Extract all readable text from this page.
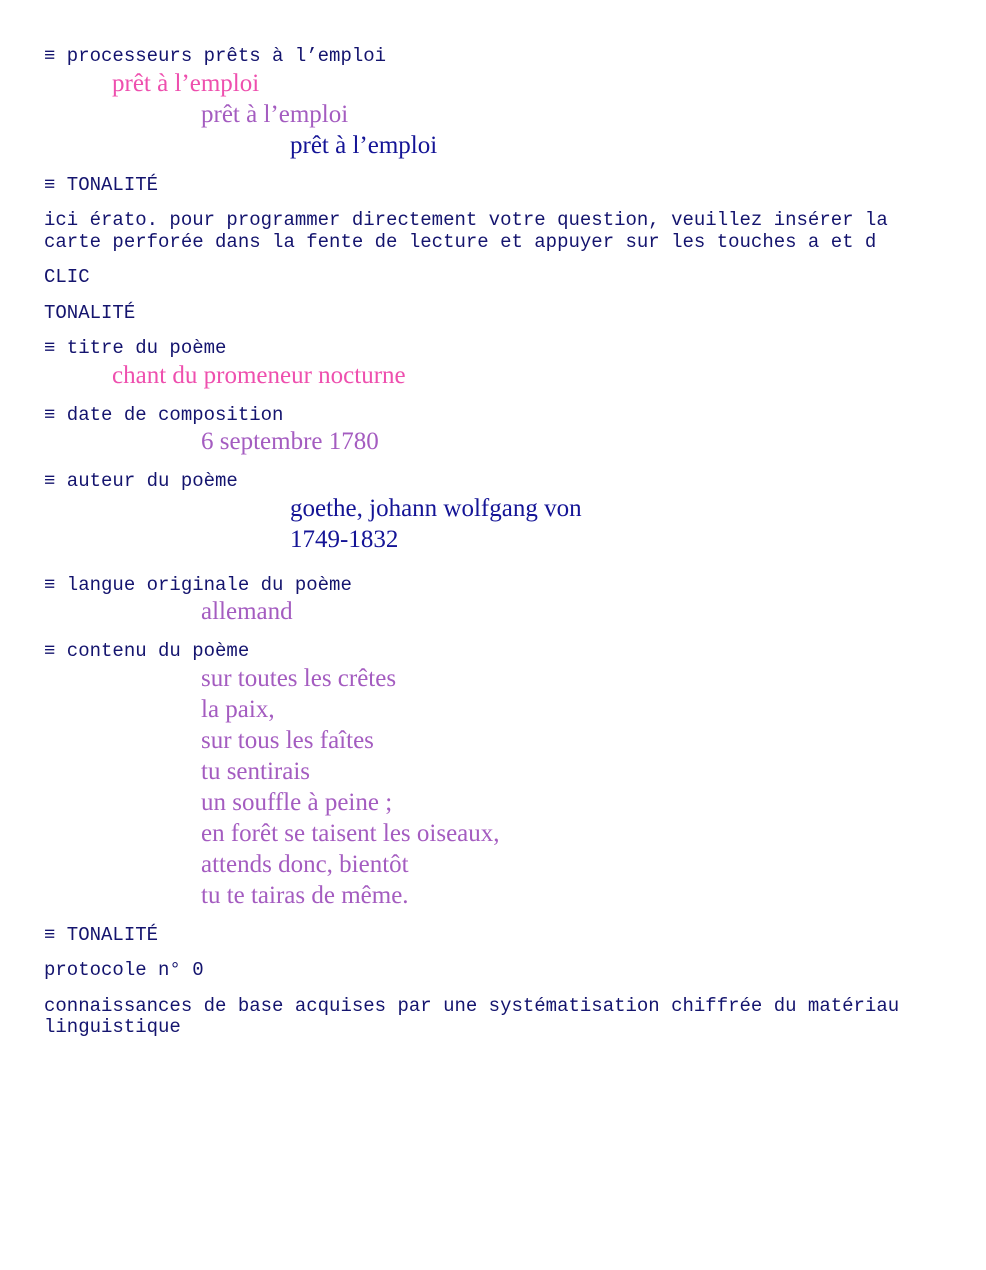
≡ processeurs prêts à l’emploi
prêt à l’emploi
prêt à l’emploi
prêt à l’emploi
≡ TONALITÉ
ici érato. pour programmer directement votre question, veuillez insérer la carte perforée dans la fente de lecture et appuyer sur les touches a et d
CLIC
TONALITÉ
≡ titre du poème
chant du promeneur nocturne
≡ date de composition
6 septembre 1780
≡ auteur du poème
goethe, johann wolfgang von
1749-1832
≡ langue originale du poème
allemand
≡ contenu du poème
sur toutes les crêtes
la paix,
sur tous les faîtes
tu sentirais
un souffle à peine ;
en forêt se taisent les oiseaux,
attends donc, bientôt
tu te tairas de même.
≡ TONALITÉ
protocole n° 0
connaissances de base acquises par une systématisation chiffrée du matériau linguistique
